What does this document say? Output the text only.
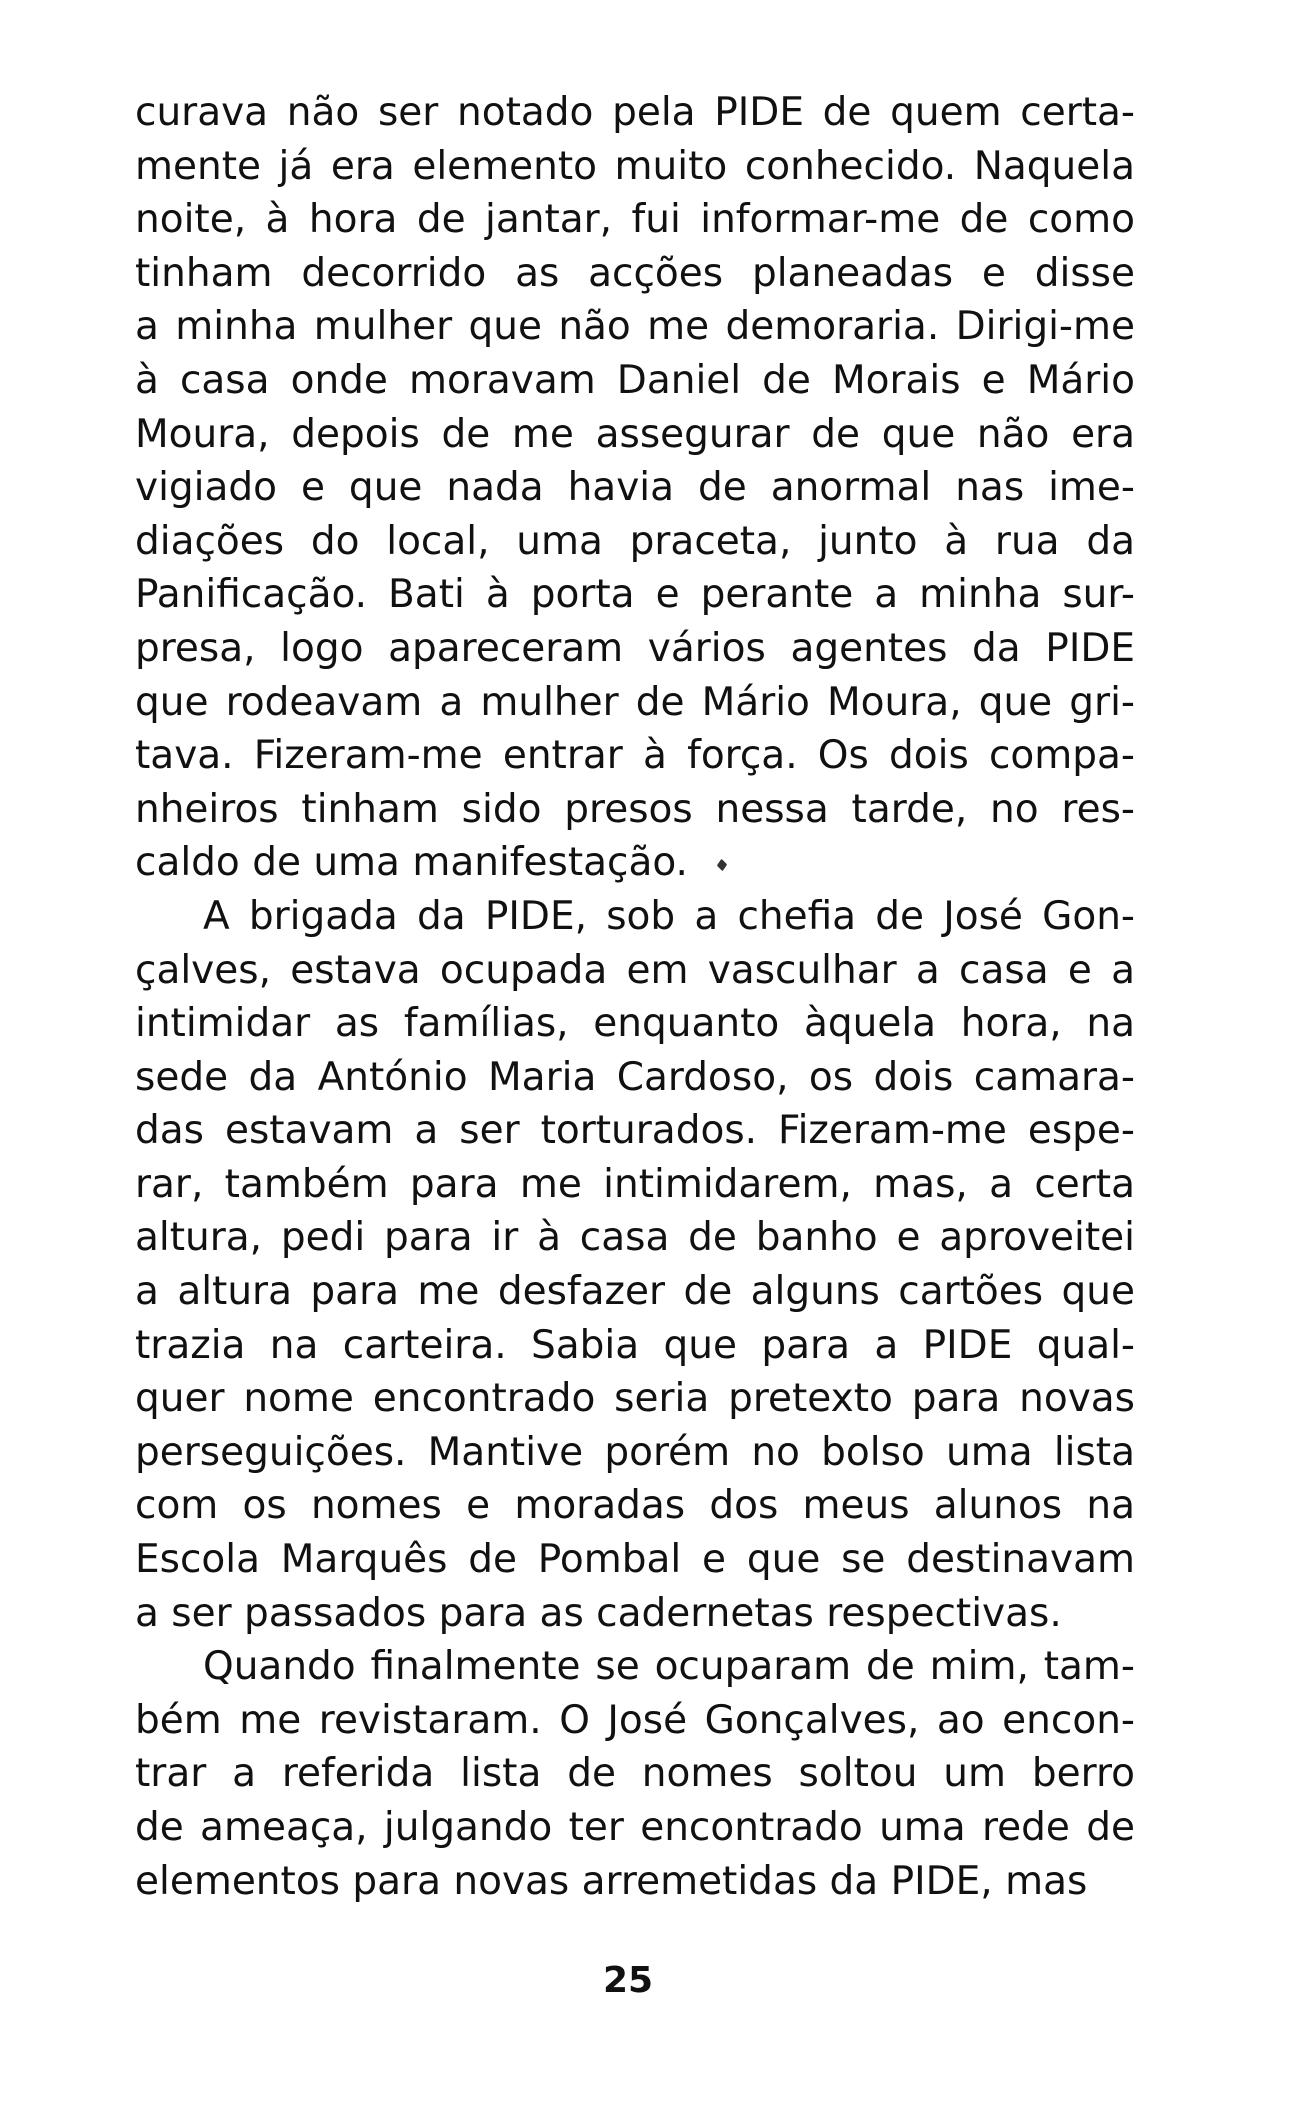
curava não ser notado pela PIDE de quem certa-
mente já era elemento muito conhecido. Naquela
noite, à hora de jantar, fui informar-me de como
tinham decorrido as acções planeadas e disse
a minha mulher que não me demoraria. Dirigi-me
à casa onde moravam Daniel de Morais e Mário
Moura, depois de me assegurar de que não era
vigiado e que nada havia de anormal nas ime-
diações do local, uma praceta, junto à rua da
Panificação. Bati à porta e perante a minha sur-
presa, logo apareceram vários agentes da PIDE
que rodeavam a mulher de Mário Moura, que gri-
tava. Fizeram-me entrar à força. Os dois compa-
nheiros tinham sido presos nessa tarde, no res-
caldo de uma manifestação.
A brigada da PIDE, sob a chefia de José Gon-
çalves, estava ocupada em vasculhar a casa e a
intimidar as famílias, enquanto àquela hora, na
sede da António Maria Cardoso, os dois camara-
das estavam a ser torturados. Fizeram-me espe-
rar, também para me intimidarem, mas, a certa
altura, pedi para ir à casa de banho e aproveitei
a altura para me desfazer de alguns cartões que
trazia na carteira. Sabia que para a PIDE qual-
quer nome encontrado seria pretexto para novas
perseguições. Mantive porém no bolso uma lista
com os nomes e moradas dos meus alunos na
Escola Marquês de Pombal e que se destinavam
a ser passados para as cadernetas respectivas.
Quando finalmente se ocuparam de mim, tam-
bém me revistaram. O José Gonçalves, ao encon-
trar a referida lista de nomes soltou um berro
de ameaça, julgando ter encontrado uma rede de
elementos para novas arremetidas da PIDE, mas
25
